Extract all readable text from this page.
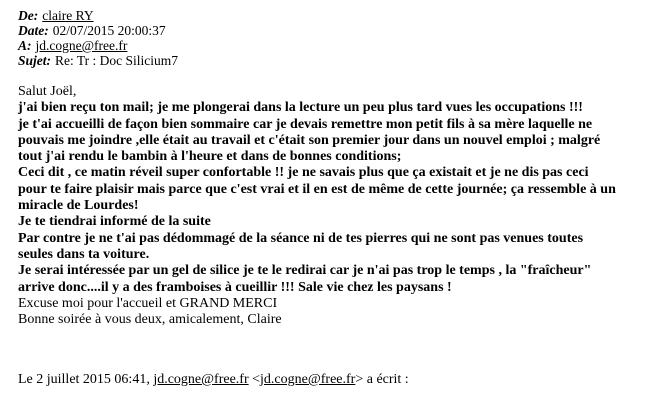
De : claire RY
Date : 02/07/2015 20:00:37
A : jd.cogne@free.fr
Sujet : Re: Tr : Doc Silicium7
Salut Joël,
j'ai bien reçu ton mail; je me plongerai dans la lecture un peu plus tard vues les occupations !!!
je t'ai accueilli de façon bien sommaire car je devais remettre mon petit fils à sa mère laquelle ne
pouvais me joindre ,elle était au travail et c'était son premier jour dans un nouvel emploi ; malgré
tout j'ai rendu le bambin à l'heure et dans de bonnes conditions;
Ceci dit , ce matin réveil super confortable !! je ne savais plus que ça existait et je ne dis pas ceci
pour te faire plaisir mais parce que c'est vrai et il en est de même de cette journée; ça ressemble à un
miracle de Lourdes!
Je te tiendrai informé de la suite
Par contre je ne t'ai pas dédommagé de la séance ni de tes pierres qui ne sont pas venues toutes
seules dans ta voiture.
Je serai intéressée par un gel de silice je te le redirai car je n'ai pas trop le temps , la "fraîcheur"
arrive donc....il y a des framboises à cueillir !!! Sale vie chez les paysans !
Excuse moi pour l'accueil et GRAND MERCI
Bonne soirée à vous deux, amicalement, Claire
Le 2 juillet 2015 06:41, jd.cogne@free.fr <jd.cogne@free.fr> a écrit :
